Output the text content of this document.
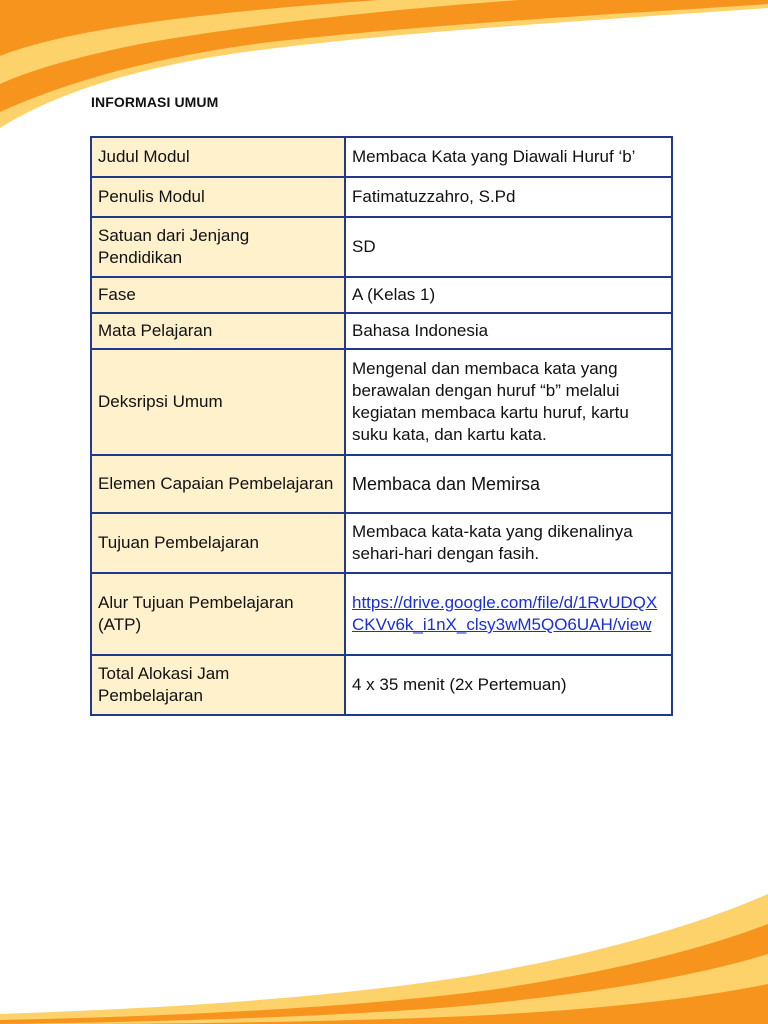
INFORMASI UMUM
Judul Modul	Membaca Kata yang Diawali Huruf ‘b’
Penulis Modul	Fatimatuzzahro, S.Pd
Satuan dari Jenjang Pendidikan	SD
Fase	A (Kelas 1)
Mata Pelajaran	Bahasa Indonesia
Deksripsi Umum	Mengenal dan membaca kata yang berawalan dengan huruf “b” melalui kegiatan membaca kartu huruf, kartu suku kata, dan kartu kata.
Elemen Capaian Pembelajaran	Membaca dan Memirsa
Tujuan Pembelajaran	Membaca kata-kata yang dikenalinya sehari-hari dengan fasih.
Alur Tujuan Pembelajaran (ATP)	https://drive.google.com/file/d/1RvUDQXCKVv6k_i1nX_clsy3wM5QO6UAH/view
Total Alokasi Jam Pembelajaran	4 x 35 menit (2x Pertemuan)
